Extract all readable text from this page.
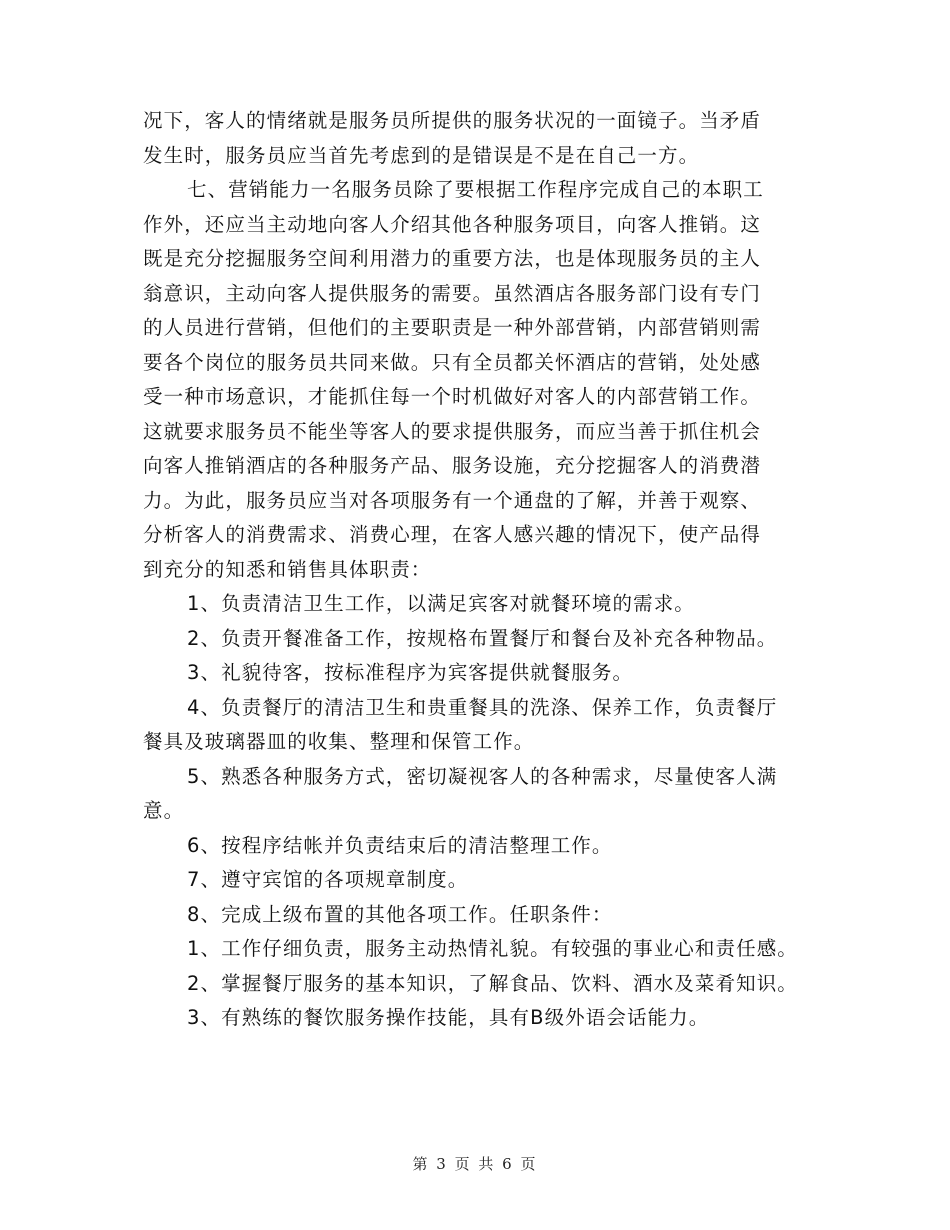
况下，客人的情绪就是服务员所提供的服务状况的一面镜子。当矛盾
发生时，服务员应当首先考虑到的是错误是不是在自己一方。
七、营销能力一名服务员除了要根据工作程序完成自己的本职工
作外，还应当主动地向客人介绍其他各种服务项目，向客人推销。这
既是充分挖掘服务空间利用潜力的重要方法，也是体现服务员的主人
翁意识，主动向客人提供服务的需要。虽然酒店各服务部门设有专门
的人员进行营销，但他们的主要职责是一种外部营销，内部营销则需
要各个岗位的服务员共同来做。只有全员都关怀酒店的营销，处处感
受一种市场意识，才能抓住每一个时机做好对客人的内部营销工作。
这就要求服务员不能坐等客人的要求提供服务，而应当善于抓住机会
向客人推销酒店的各种服务产品、服务设施，充分挖掘客人的消费潜
力。为此，服务员应当对各项服务有一个通盘的了解，并善于观察、
分析客人的消费需求、消费心理，在客人感兴趣的情况下，使产品得
到充分的知悉和销售具体职责：
1、负责清洁卫生工作，以满足宾客对就餐环境的需求。
2、负责开餐准备工作，按规格布置餐厅和餐台及补充各种物品。
3、礼貌待客，按标准程序为宾客提供就餐服务。
4、负责餐厅的清洁卫生和贵重餐具的洗涤、保养工作，负责餐厅
餐具及玻璃器皿的收集、整理和保管工作。
5、熟悉各种服务方式，密切凝视客人的各种需求，尽量使客人满
意。
6、按程序结帐并负责结束后的清洁整理工作。
7、遵守宾馆的各项规章制度。
8、完成上级布置的其他各项工作。任职条件：
1、工作仔细负责，服务主动热情礼貌。有较强的事业心和责任感。
2、掌握餐厅服务的基本知识，了解食品、饮料、酒水及菜肴知识。
3、有熟练的餐饮服务操作技能，具有B级外语会话能力。
第 3 页 共 6 页
